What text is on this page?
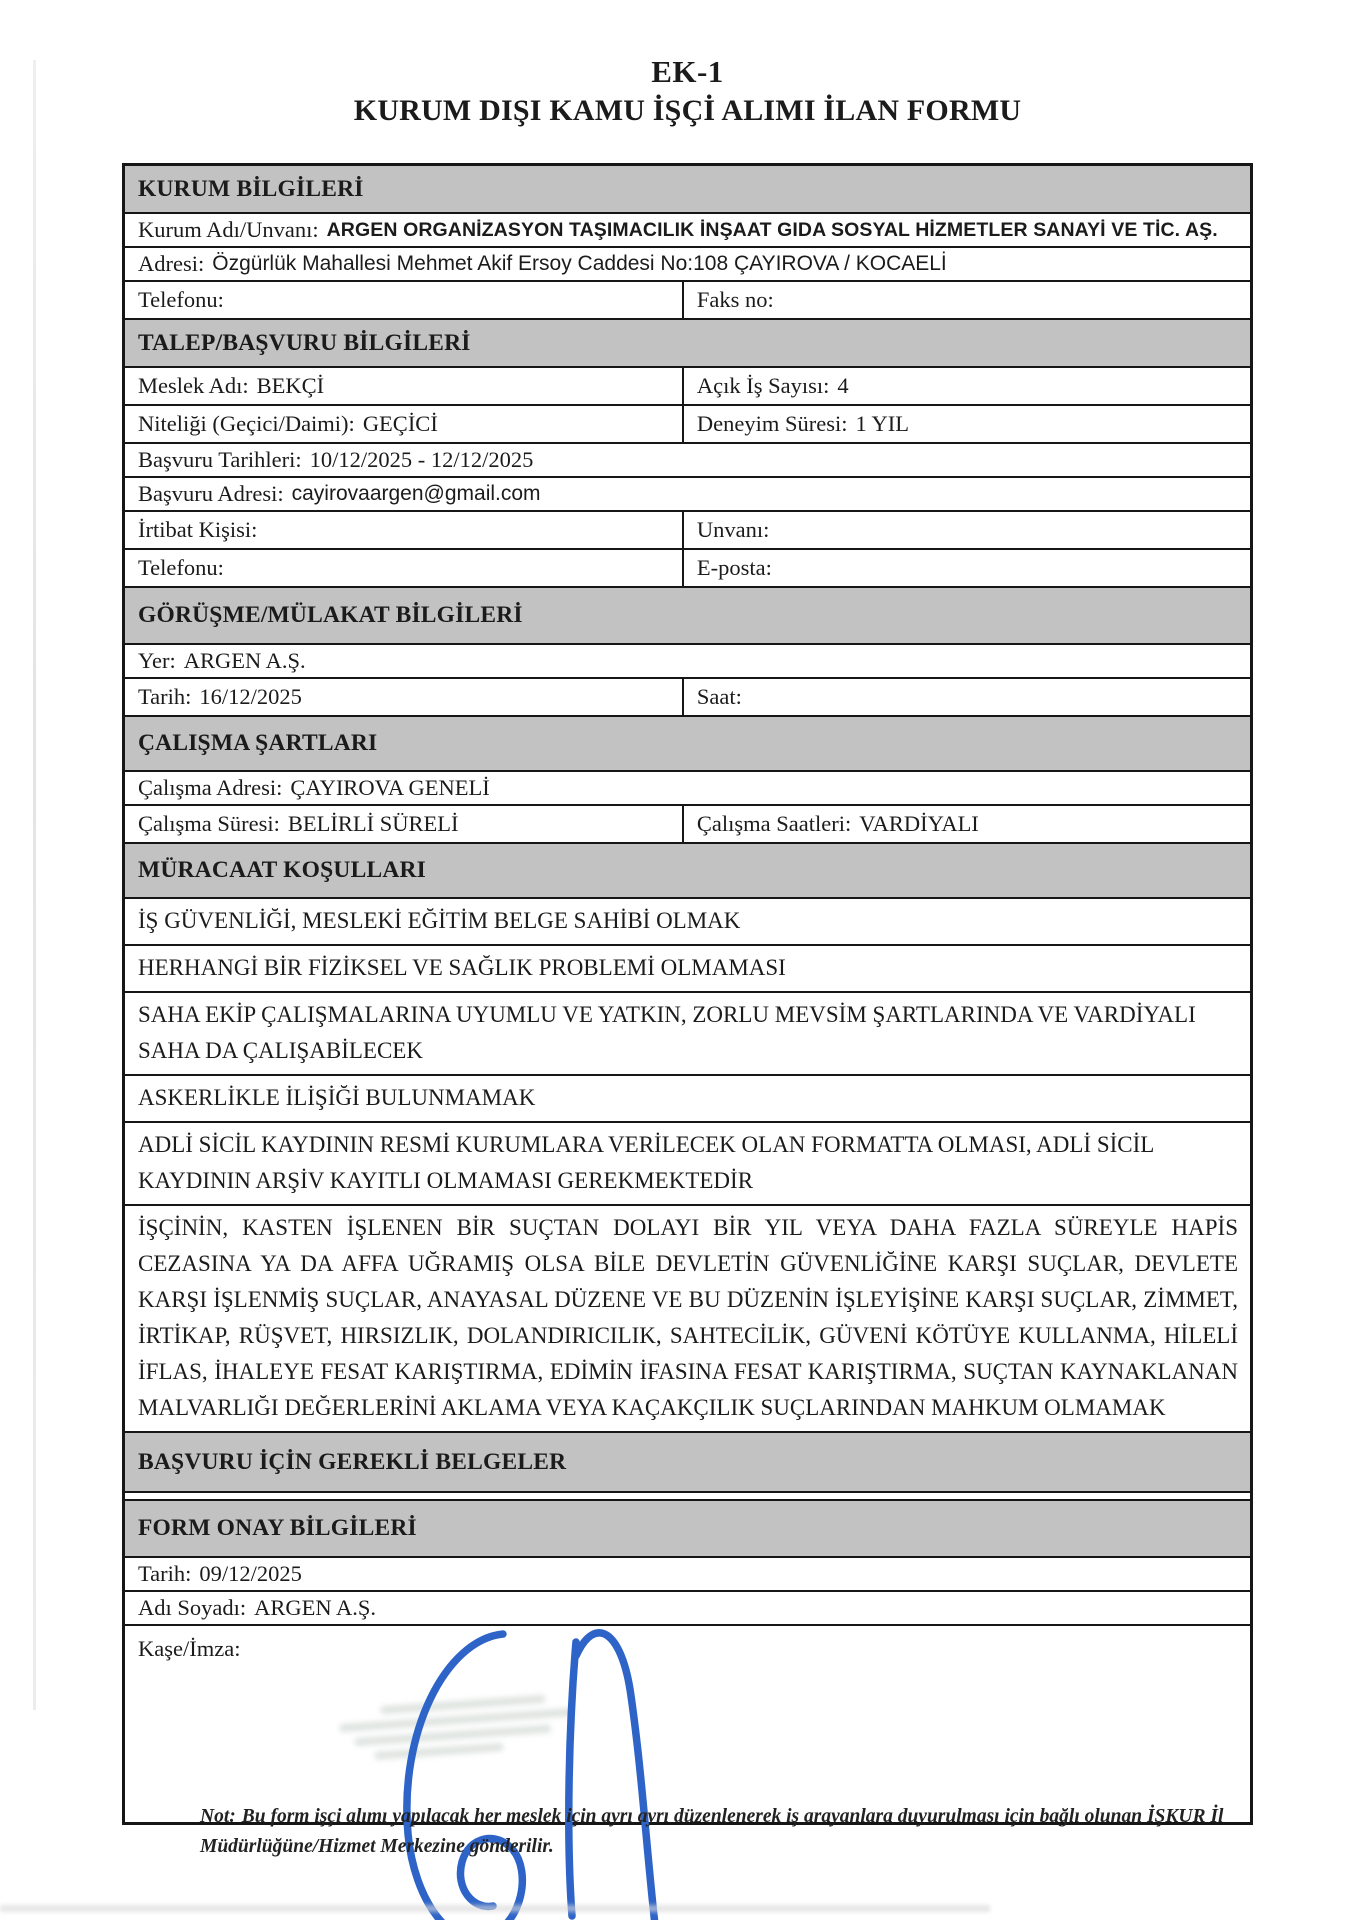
EK-1
KURUM DIŞI KAMU İŞÇİ ALIMI İLAN FORMU
KURUM BİLGİLERİ
Kurum Adı/Unvanı: ARGEN ORGANİZASYON TAŞIMACILIK İNŞAAT GIDA SOSYAL HİZMETLER SANAYİ VE TİC. AŞ.
Adresi: Özgürlük Mahallesi Mehmet Akif Ersoy Caddesi No:108 ÇAYIROVA / KOCAELİ
Telefonu:	Faks no:
TALEP/BAŞVURU BİLGİLERİ
Meslek Adı: BEKÇİ	Açık İş Sayısı: 4
Niteliği (Geçici/Daimi): GEÇİCİ	Deneyim Süresi: 1 YIL
Başvuru Tarihleri: 10/12/2025 - 12/12/2025
Başvuru Adresi: cayirovaargen@gmail.com
İrtibat Kişisi:	Unvanı:
Telefonu:	E-posta:
GÖRÜŞME/MÜLAKAT BİLGİLERİ
Yer: ARGEN A.Ş.
Tarih: 16/12/2025	Saat:
ÇALIŞMA ŞARTLARI
Çalışma Adresi: ÇAYIROVA GENELİ
Çalışma Süresi: BELİRLİ SÜRELİ	Çalışma Saatleri: VARDİYALI
MÜRACAAT KOŞULLARI
İŞ GÜVENLİĞİ, MESLEKİ EĞİTİM BELGE SAHİBİ OLMAK
HERHANGİ BİR FİZİKSEL VE SAĞLIK PROBLEMİ OLMAMASI
SAHA EKİP ÇALIŞMALARINA UYUMLU VE YATKIN, ZORLU MEVSİM ŞARTLARINDA VE VARDİYALI SAHA DA ÇALIŞABİLECEK
ASKERLİKLE İLİŞİĞİ BULUNMAMAK
ADLİ SİCİL KAYDININ RESMİ KURUMLARA VERİLECEK OLAN FORMATTA OLMASI, ADLİ SİCİL KAYDININ ARŞİV KAYITLI OLMAMASI GEREKMEKTEDİR
İŞÇİNİN, KASTEN İŞLENEN BİR SUÇTAN DOLAYI BİR YIL VEYA DAHA FAZLA SÜREYLE HAPİS CEZASINA YA DA AFFA UĞRAMIŞ OLSA BİLE DEVLETİN GÜVENLİĞİNE KARŞI SUÇLAR, DEVLETE KARŞI İŞLENMİŞ SUÇLAR, ANAYASAL DÜZENE VE BU DÜZENİN İŞLEYİŞİNE KARŞI SUÇLAR, ZİMMET, İRTİKAP, RÜŞVET, HIRSIZLIK, DOLANDIRICILIK, SAHTECİLİK, GÜVENİ KÖTÜYE KULLANMA, HİLELİ İFLAS, İHALEYE FESAT KARIŞTIRMA, EDİMİN İFASINA FESAT KARIŞTIRMA, SUÇTAN KAYNAKLANAN MALVARLIĞI DEĞERLERİNİ AKLAMA VEYA KAÇAKÇILIK SUÇLARINDAN MAHKUM OLMAMAK
BAŞVURU İÇİN GEREKLİ BELGELER
FORM ONAY BİLGİLERİ
Tarih: 09/12/2025
Adı Soyadı: ARGEN A.Ş.
Kaşe/İmza:
Not: Bu form işçi alımı yapılacak her meslek için ayrı ayrı düzenlenerek iş arayanlara duyurulması için bağlı olunan İŞKUR İl Müdürlüğüne/Hizmet Merkezine gönderilir.
